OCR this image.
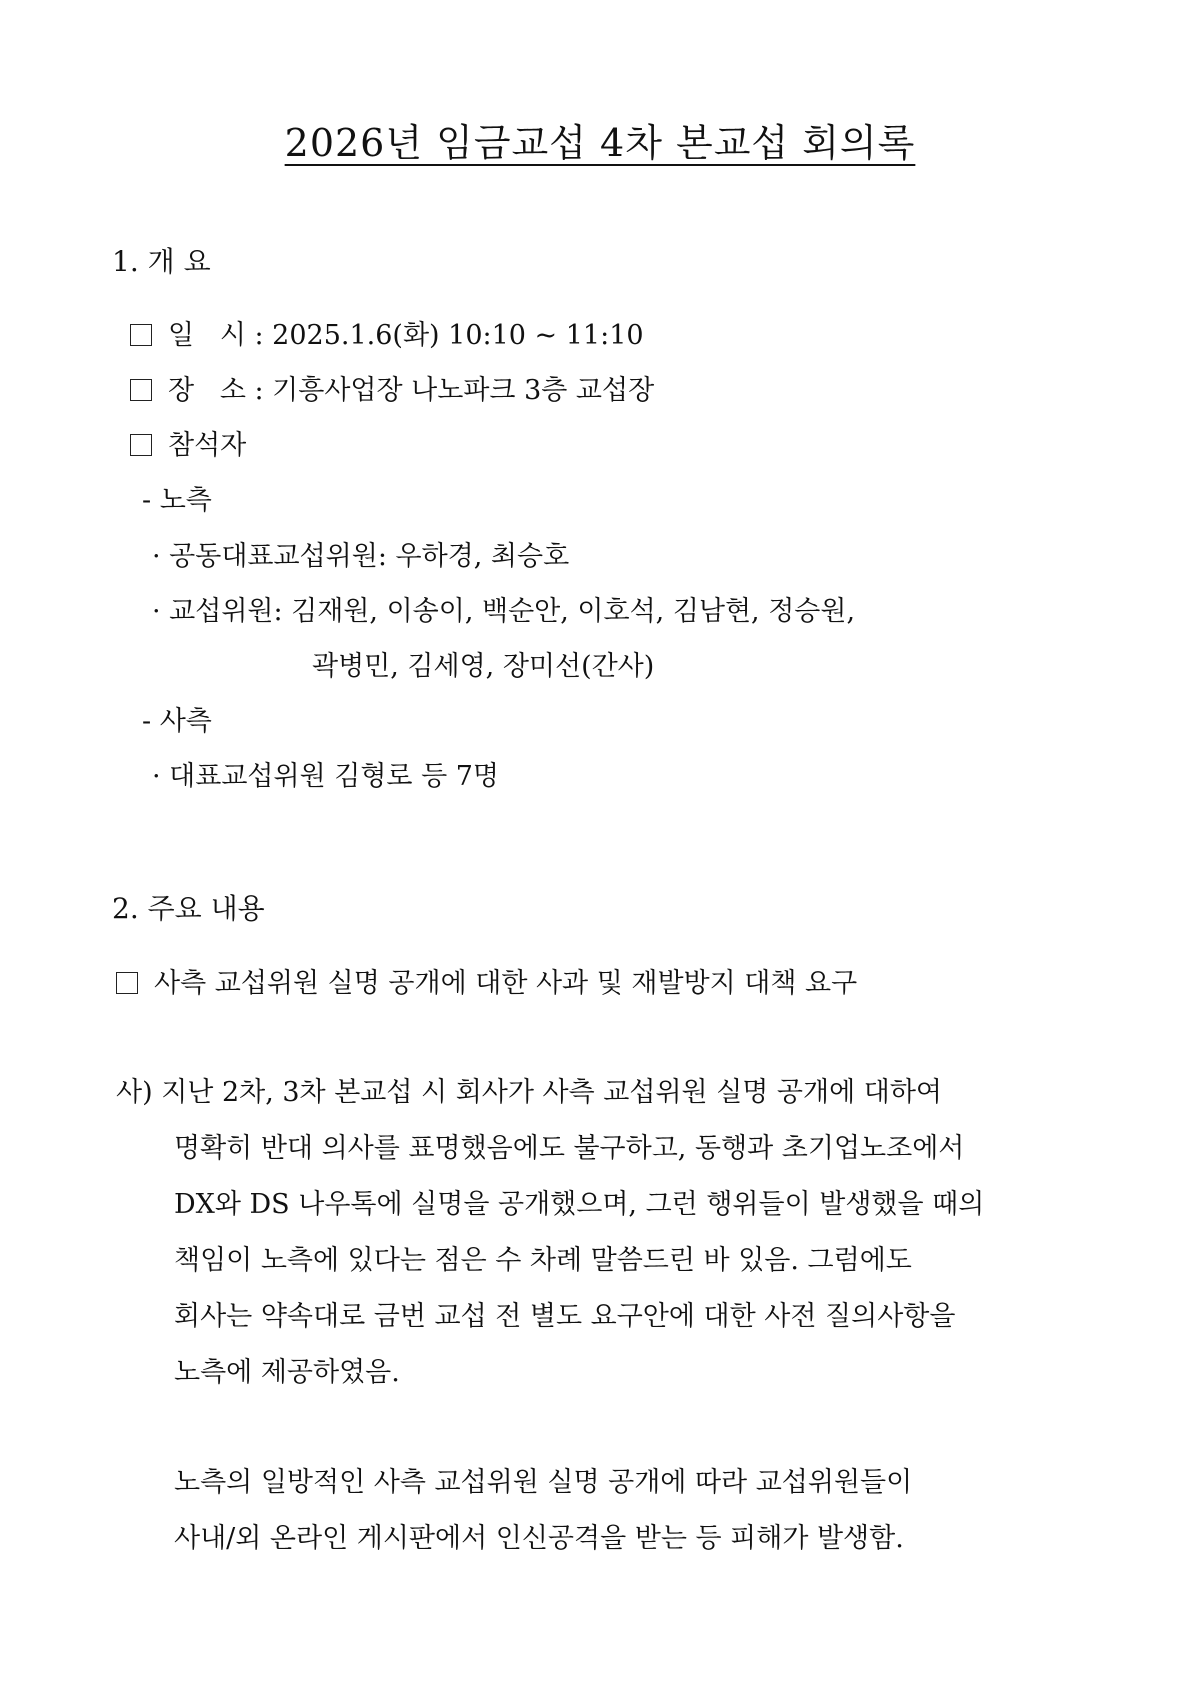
2026년 임금교섭 4차 본교섭 회의록
1. 개 요
일   시 : 2025.1.6(화) 10:10 ~ 11:10
장   소 : 기흥사업장 나노파크 3층 교섭장
참석자
- 노측
· 공동대표교섭위원: 우하경, 최승호
· 교섭위원: 김재원, 이송이, 백순안, 이호석, 김남현, 정승원,
곽병민, 김세영, 장미선(간사)
- 사측
· 대표교섭위원 김형로 등 7명
2. 주요 내용
사측 교섭위원 실명 공개에 대한 사과 및 재발방지 대책 요구
사) 지난 2차, 3차 본교섭 시 회사가 사측 교섭위원 실명 공개에 대하여
명확히 반대 의사를 표명했음에도 불구하고, 동행과 초기업노조에서
DX와 DS 나우톡에 실명을 공개했으며, 그런 행위들이 발생했을 때의
책임이 노측에 있다는 점은 수 차례 말씀드린 바 있음. 그럼에도
회사는 약속대로 금번 교섭 전 별도 요구안에 대한 사전 질의사항을
노측에 제공하였음.
노측의 일방적인 사측 교섭위원 실명 공개에 따라 교섭위원들이
사내/외 온라인 게시판에서 인신공격을 받는 등 피해가 발생함.
